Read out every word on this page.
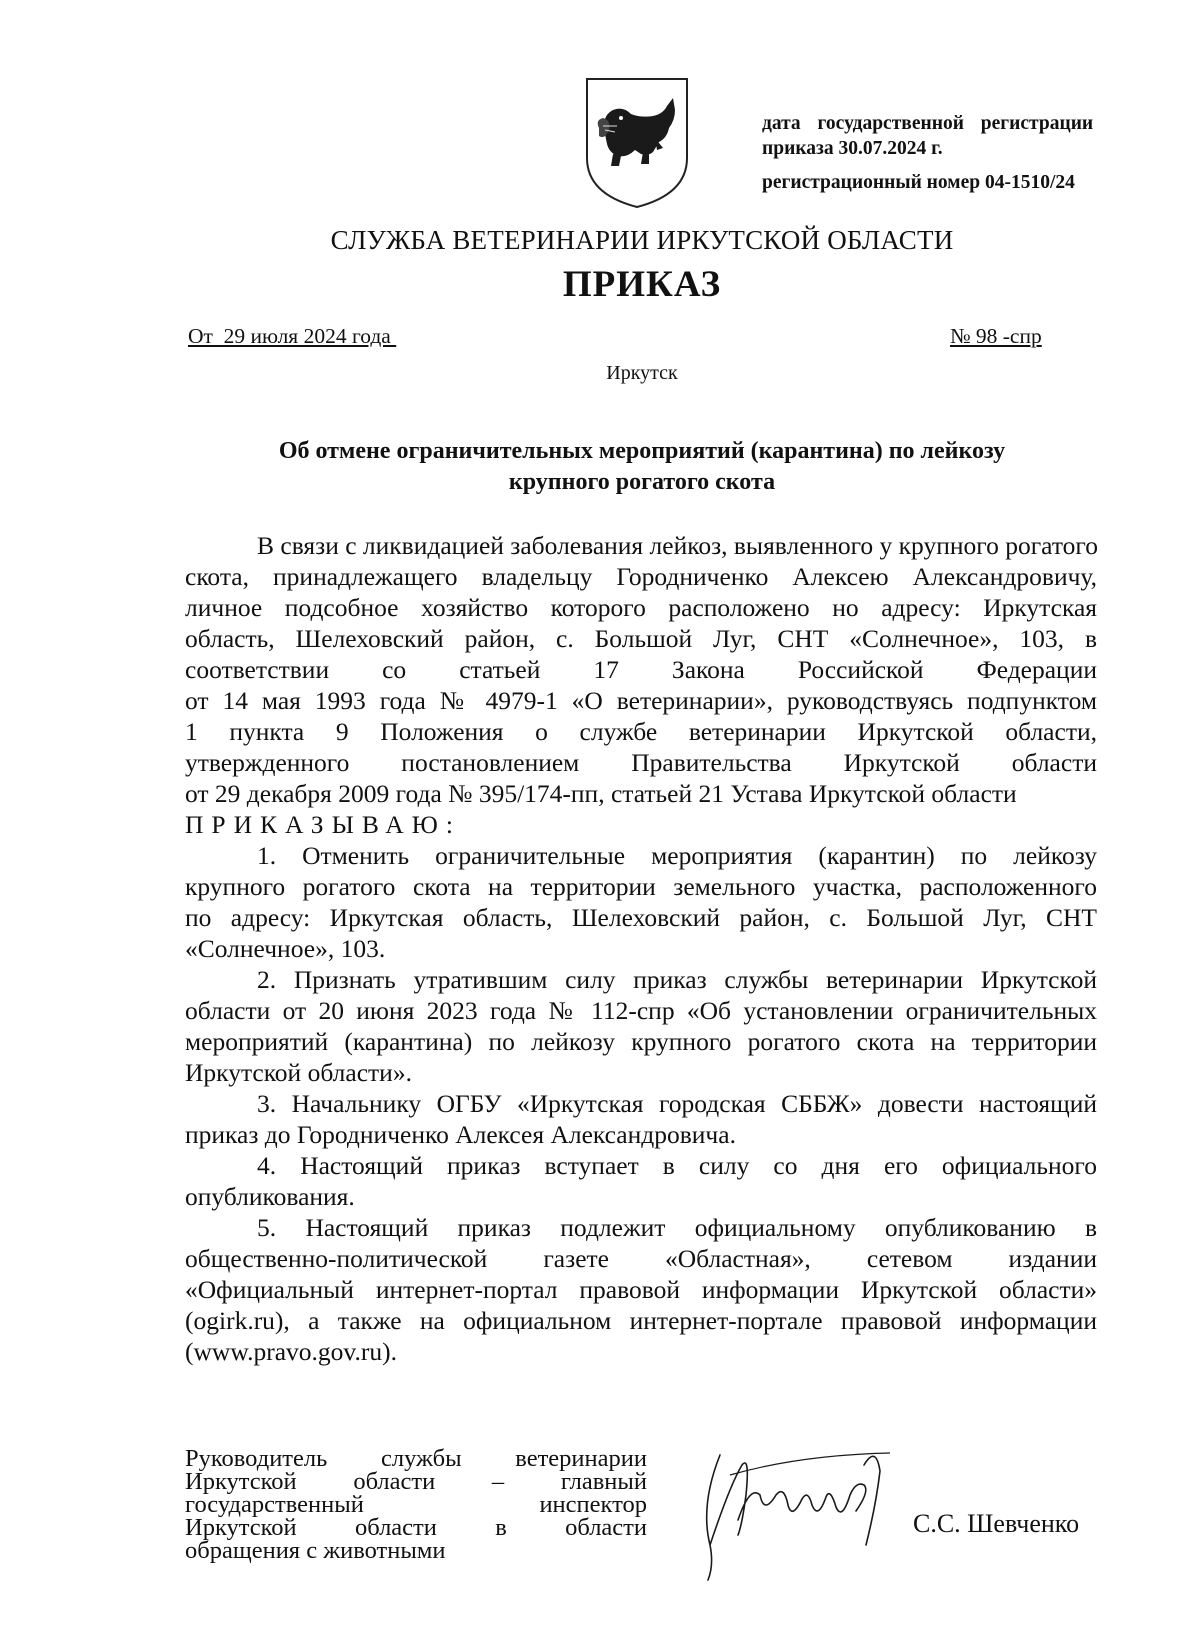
дата государственной регистрации
приказа 30.07.2024 г.
регистрационный номер 04-1510/24
СЛУЖБА ВЕТЕРИНАРИИ ИРКУТСКОЙ ОБЛАСТИ
ПРИКАЗ
От  29 июля 2024 года	№ 98 -спр
Иркутск
Об отмене ограничительных мероприятий (карантина) по лейкозу
крупного рогатого скота
В связи с ликвидацией заболевания лейкоз, выявленного у крупного рогатого
скота, принадлежащего владельцу Городниченко Алексею Александровичу,
личное подсобное хозяйство которого расположено но адресу: Иркутская
область, Шелеховский район, с. Большой Луг, СНТ «Солнечное», 103, в
соответствии со статьей 17 Закона Российской Федерации
от 14 мая 1993 года № 4979-1 «О ветеринарии», руководствуясь подпунктом
1 пункта 9 Положения о службе ветеринарии Иркутской области,
утвержденного постановлением Правительства Иркутской области
от 29 декабря 2009 года № 395/174-пп, статьей 21 Устава Иркутской области
ПРИКАЗЫВАЮ:
1. Отменить ограничительные мероприятия (карантин) по лейкозу
крупного рогатого скота на территории земельного участка, расположенного
по адресу: Иркутская область, Шелеховский район, с. Большой Луг, СНТ
«Солнечное», 103.
2. Признать утратившим силу приказ службы ветеринарии Иркутской
области от 20 июня 2023 года № 112-спр «Об установлении ограничительных
мероприятий (карантина) по лейкозу крупного рогатого скота на территории
Иркутской области».
3. Начальнику ОГБУ «Иркутская городская СББЖ» довести настоящий
приказ до Городниченко Алексея Александровича.
4. Настоящий приказ вступает в силу со дня его официального
опубликования.
5. Настоящий приказ подлежит официальному опубликованию в
общественно-политической газете «Областная», сетевом издании
«Официальный интернет-портал правовой информации Иркутской области»
(ogirk.ru), а также на официальном интернет-портале правовой информации
(www.pravo.gov.ru).
Руководитель службы ветеринарии
Иркутской области – главный
государственный инспектор
Иркутской области в области
обращения с животными
С.С. Шевченко
